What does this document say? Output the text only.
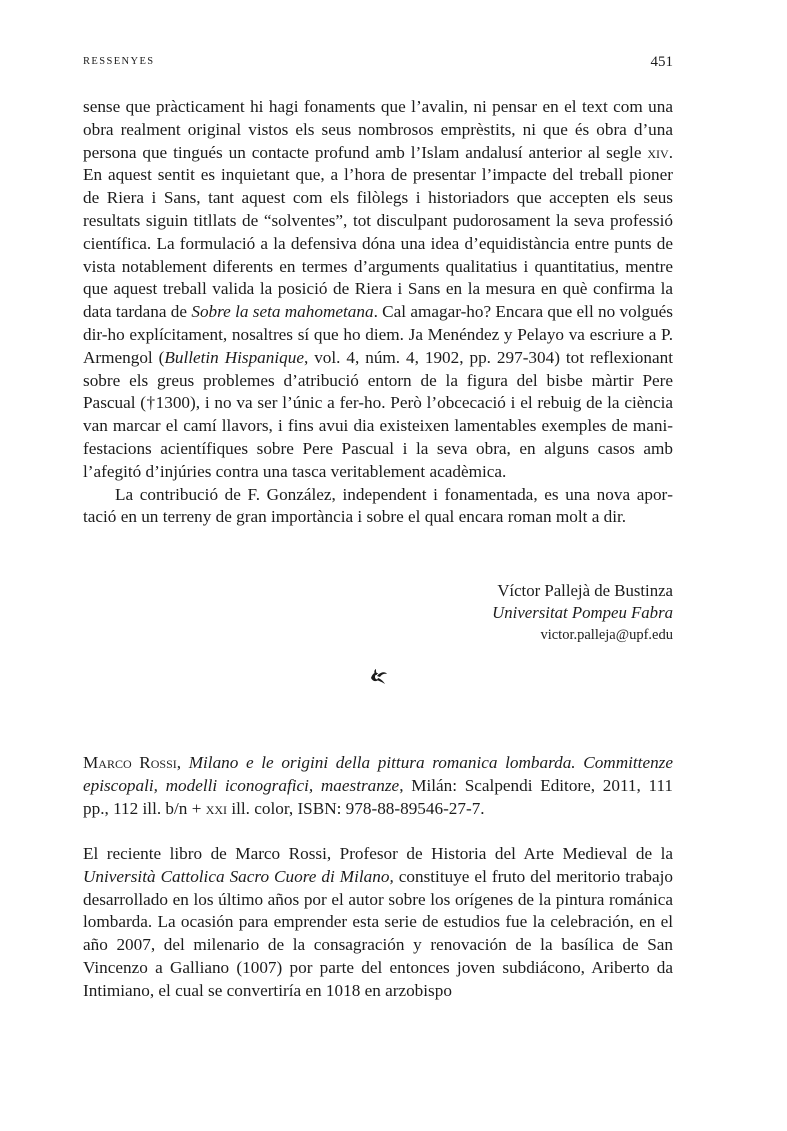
RESSENYES	451

sense que pràcticament hi hagi fonaments que l’avalin, ni pensar en el text com una obra realment original vistos els seus nombrosos emprèstits, ni que és obra d’una persona que tingués un contacte profund amb l’Islam andalusí anterior al segle xiv. En aquest sentit es inquietant que, a l’hora de presentar l’impacte del treball pioner de Riera i Sans, tant aquest com els filòlegs i historiadors que accepten els seus resultats siguin titllats de “solventes”, tot disculpant pudorosament la seva professió científica. La formulació a la defensiva dóna una idea d’equidistància entre punts de vista notablement diferents en termes d’arguments qualitatius i quantitatius, mentre que aquest treball valida la posició de Riera i Sans en la mesura en què confirma la data tardana de Sobre la seta mahometana. Cal amagar-ho? Encara que ell no volgués dir-ho explícitament, nosaltres sí que ho diem. Ja Menéndez y Pelayo va escriure a P. Armengol (Bulletin Hispanique, vol. 4, núm. 4, 1902, pp. 297-304) tot reflexionant sobre els greus problemes d’atribució entorn de la figura del bisbe màrtir Pere Pascual (†1300), i no va ser l’únic a fer-ho. Però l’obcecació i el rebuig de la ciència van marcar el camí llavors, i fins avui dia existeixen lamentables exemples de manifestacions acientífiques sobre Pere Pascual i la seva obra, en alguns casos amb l’afegitó d’injúries contra una tasca veritablement acadèmica.

La contribució de F. González, independent i fonamentada, es una nova aportació en un terreny de gran importància i sobre el qual encara roman molt a dir.

Víctor Pallejà de Bustinza
Universitat Pompeu Fabra
victor.palleja@upf.edu

Marco Rossi, Milano e le origini della pittura romanica lombarda. Committenze episcopali, modelli iconografici, maestranze, Milán: Scalpendi Editore, 2011, 111 pp., 112 ill. b/n + xxi ill. color, ISBN: 978-88-89546-27-7.

El reciente libro de Marco Rossi, Profesor de Historia del Arte Medieval de la Università Cattolica Sacro Cuore di Milano, constituye el fruto del meritorio trabajo desarrollado en los último años por el autor sobre los orígenes de la pintura románica lombarda. La ocasión para emprender esta serie de estudios fue la celebración, en el año 2007, del milenario de la consagración y renovación de la basílica de San Vincenzo a Galliano (1007) por parte del entonces joven subdiácono, Ariberto da Intimiano, el cual se convertiría en 1018 en arzobispo
